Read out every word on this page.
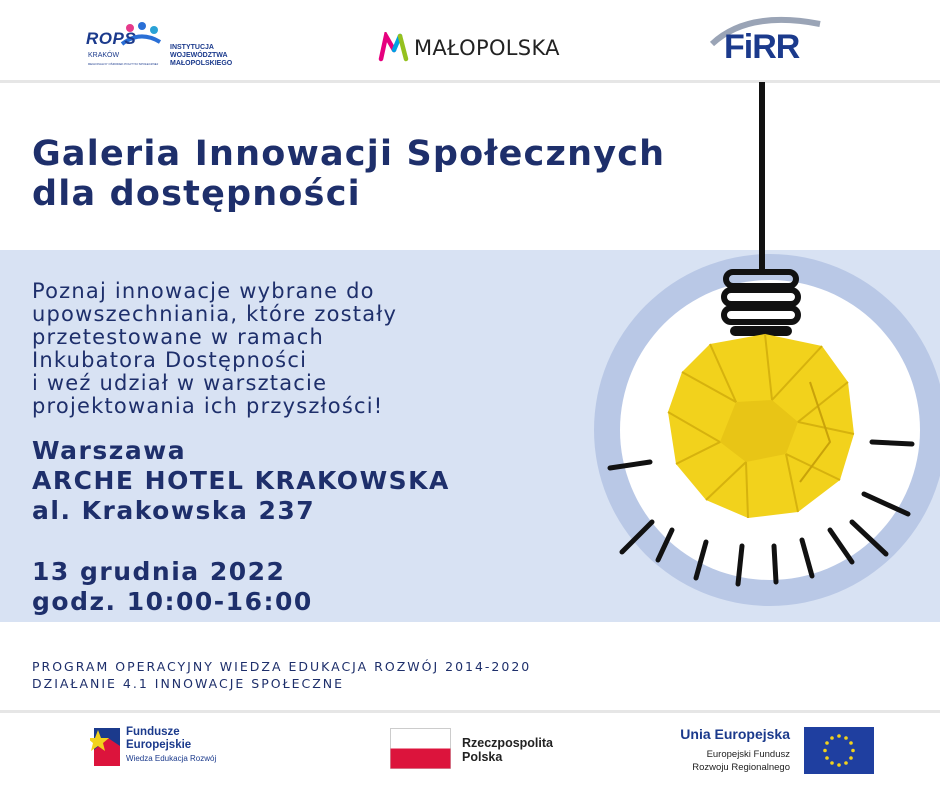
ROPS
KRAKÓW
REGIONALNY OŚRODEK POLITYKI SPOŁECZNEJ
INSTYTUCJA
WOJEWÓDZTWA
MAŁOPOLSKIEGO
MAŁOPOLSKA	FiRR
Galeria Innowacji Społecznych
dla dostępności
Poznaj innowacje wybrane do
upowszechniania, które zostały
przetestowane w ramach
Inkubatora Dostępności
i weź udział w warsztacie
projektowania ich przyszłości!
Warszawa
ARCHE HOTEL KRAKOWSKA
al. Krakowska 237
13 grudnia 2022
godz. 10:00-16:00
PROGRAM OPERACYJNY WIEDZA EDUKACJA ROZWÓJ 2014-2020
DZIAŁANIE 4.1 INNOWACJE SPOŁECZNE
Fundusze
Europejskie
Wiedza Edukacja Rozwój
Rzeczpospolita
Polska
Unia Europejska
Europejski Fundusz
Rozwoju Regionalnego
